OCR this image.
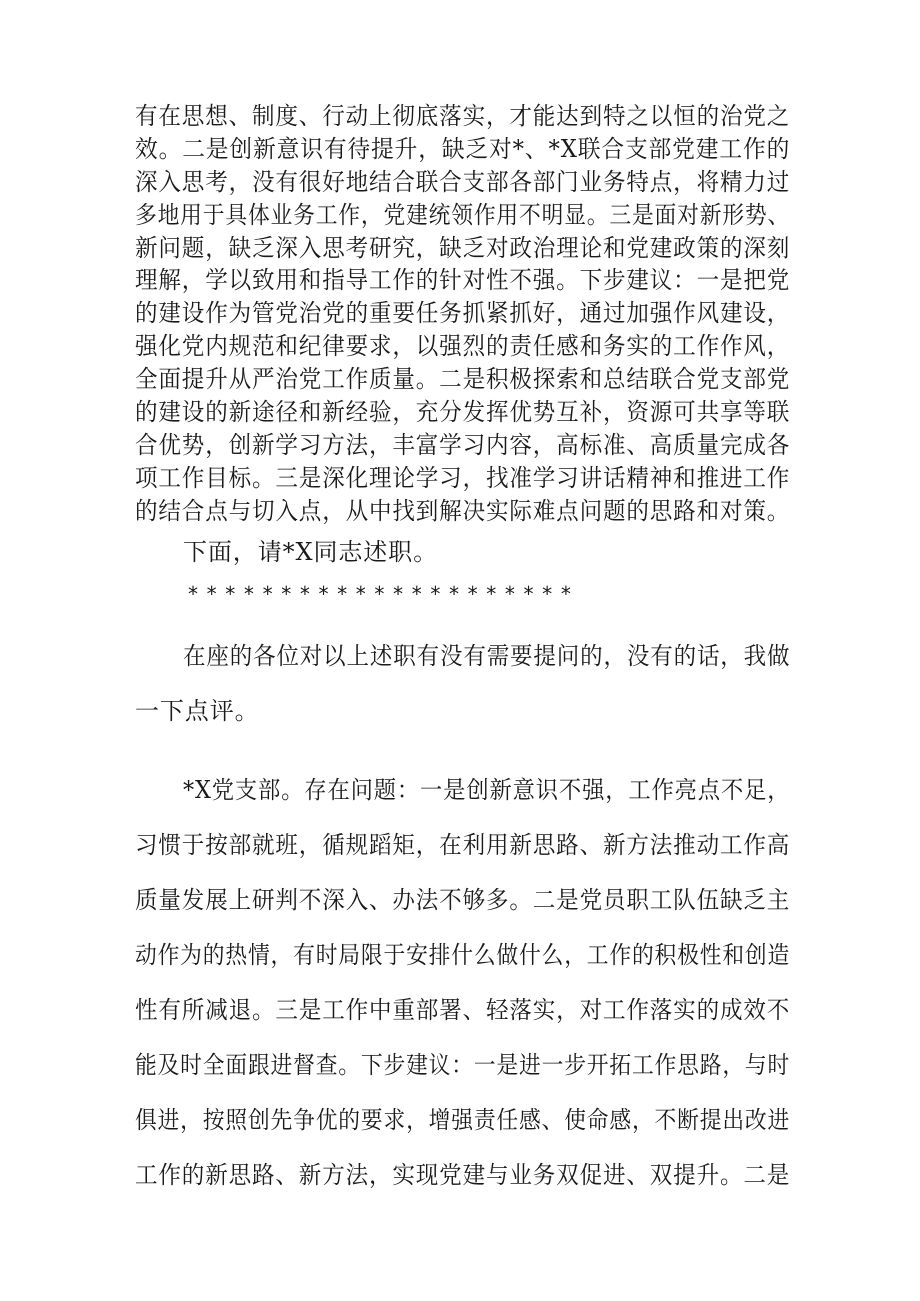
有在思想、制度、行动上彻底落实，才能达到特之以恒的治党之
效。二是创新意识有待提升，缺乏对*、*X联合支部党建工作的
深入思考，没有很好地结合联合支部各部门业务特点，将精力过
多地用于具体业务工作，党建统领作用不明显。三是面对新形势、
新问题，缺乏深入思考研究，缺乏对政治理论和党建政策的深刻
理解，学以致用和指导工作的针对性不强。下步建议：一是把党
的建设作为管党治党的重要任务抓紧抓好，通过加强作风建设，
强化党内规范和纪律要求，以强烈的责任感和务实的工作作风，
全面提升从严治党工作质量。二是积极探索和总结联合党支部党
的建设的新途径和新经验，充分发挥优势互补，资源可共享等联
合优势，创新学习方法，丰富学习内容，高标准、高质量完成各
项工作目标。三是深化理论学习，找准学习讲话精神和推进工作
的结合点与切入点，从中找到解决实际难点问题的思路和对策。
下面，请*X同志述职。
*********************
在座的各位对以上述职有没有需要提问的，没有的话，我做
一下点评。
*X党支部。存在问题：一是创新意识不强，工作亮点不足，
习惯于按部就班，循规蹈矩，在利用新思路、新方法推动工作高
质量发展上研判不深入、办法不够多。二是党员职工队伍缺乏主
动作为的热情，有时局限于安排什么做什么，工作的积极性和创造
性有所减退。三是工作中重部署、轻落实，对工作落实的成效不
能及时全面跟进督查。下步建议：一是进一步开拓工作思路，与时
俱进，按照创先争优的要求，增强责任感、使命感，不断提出改进
工作的新思路、新方法，实现党建与业务双促进、双提升。二是
